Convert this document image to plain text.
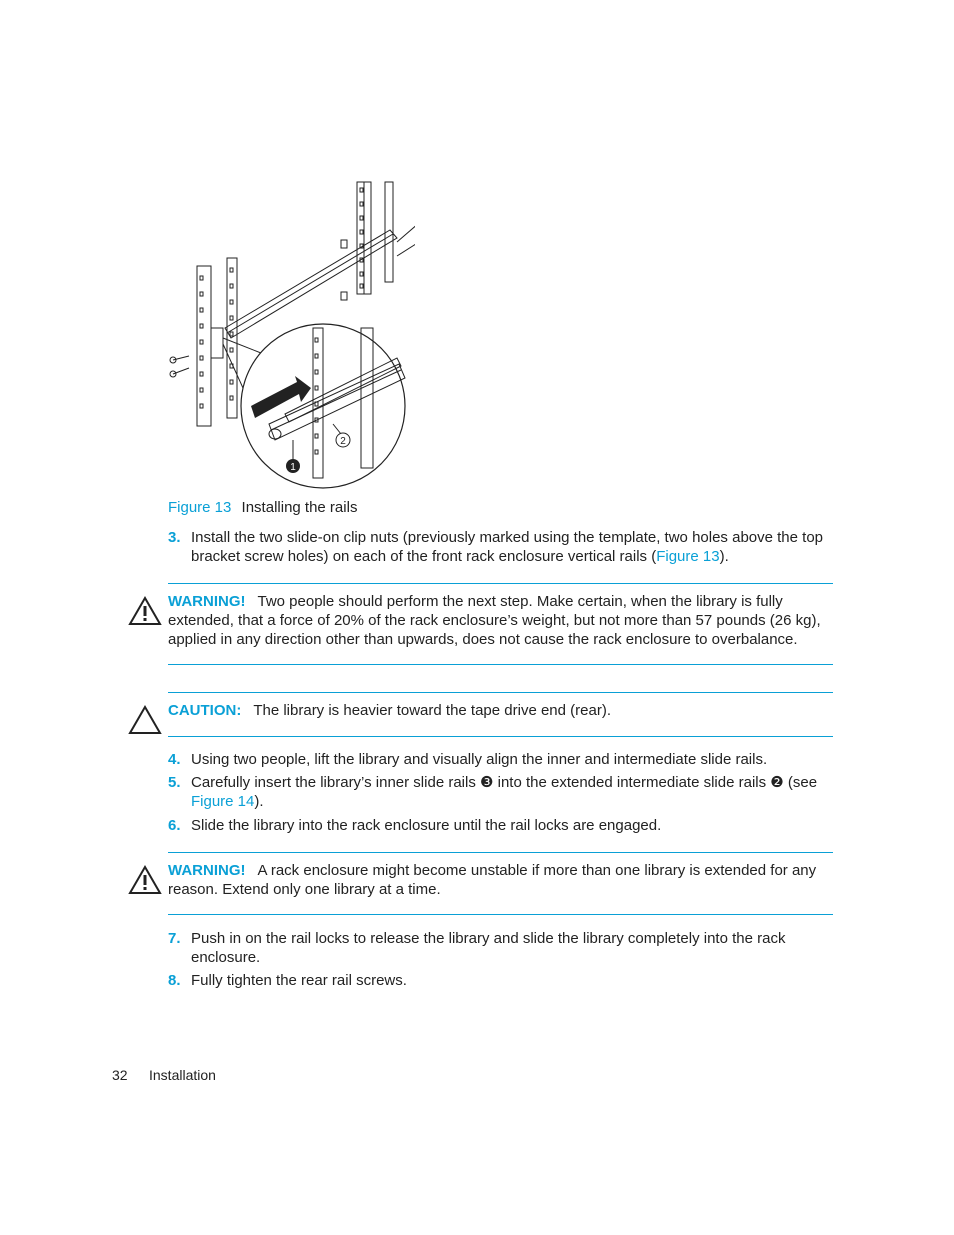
1
2
Figure 13 Installing the rails
3. Install the two slide-on clip nuts (previously marked using the template, two holes above the top bracket screw holes) on each of the front rack enclosure vertical rails (Figure 13).
WARNING! Two people should perform the next step. Make certain, when the library is fully extended, that a force of 20% of the rack enclosure’s weight, but not more than 57 pounds (26 kg), applied in any direction other than upwards, does not cause the rack enclosure to overbalance.
CAUTION: The library is heavier toward the tape drive end (rear).
4. Using two people, lift the library and visually align the inner and intermediate slide rails.
5. Carefully insert the library’s inner slide rails ❸ into the extended intermediate slide rails ❷ (see Figure 14).
6. Slide the library into the rack enclosure until the rail locks are engaged.
WARNING! A rack enclosure might become unstable if more than one library is extended for any reason. Extend only one library at a time.
7. Push in on the rail locks to release the library and slide the library completely into the rack enclosure.
8. Fully tighten the rear rail screws.
32 Installation
